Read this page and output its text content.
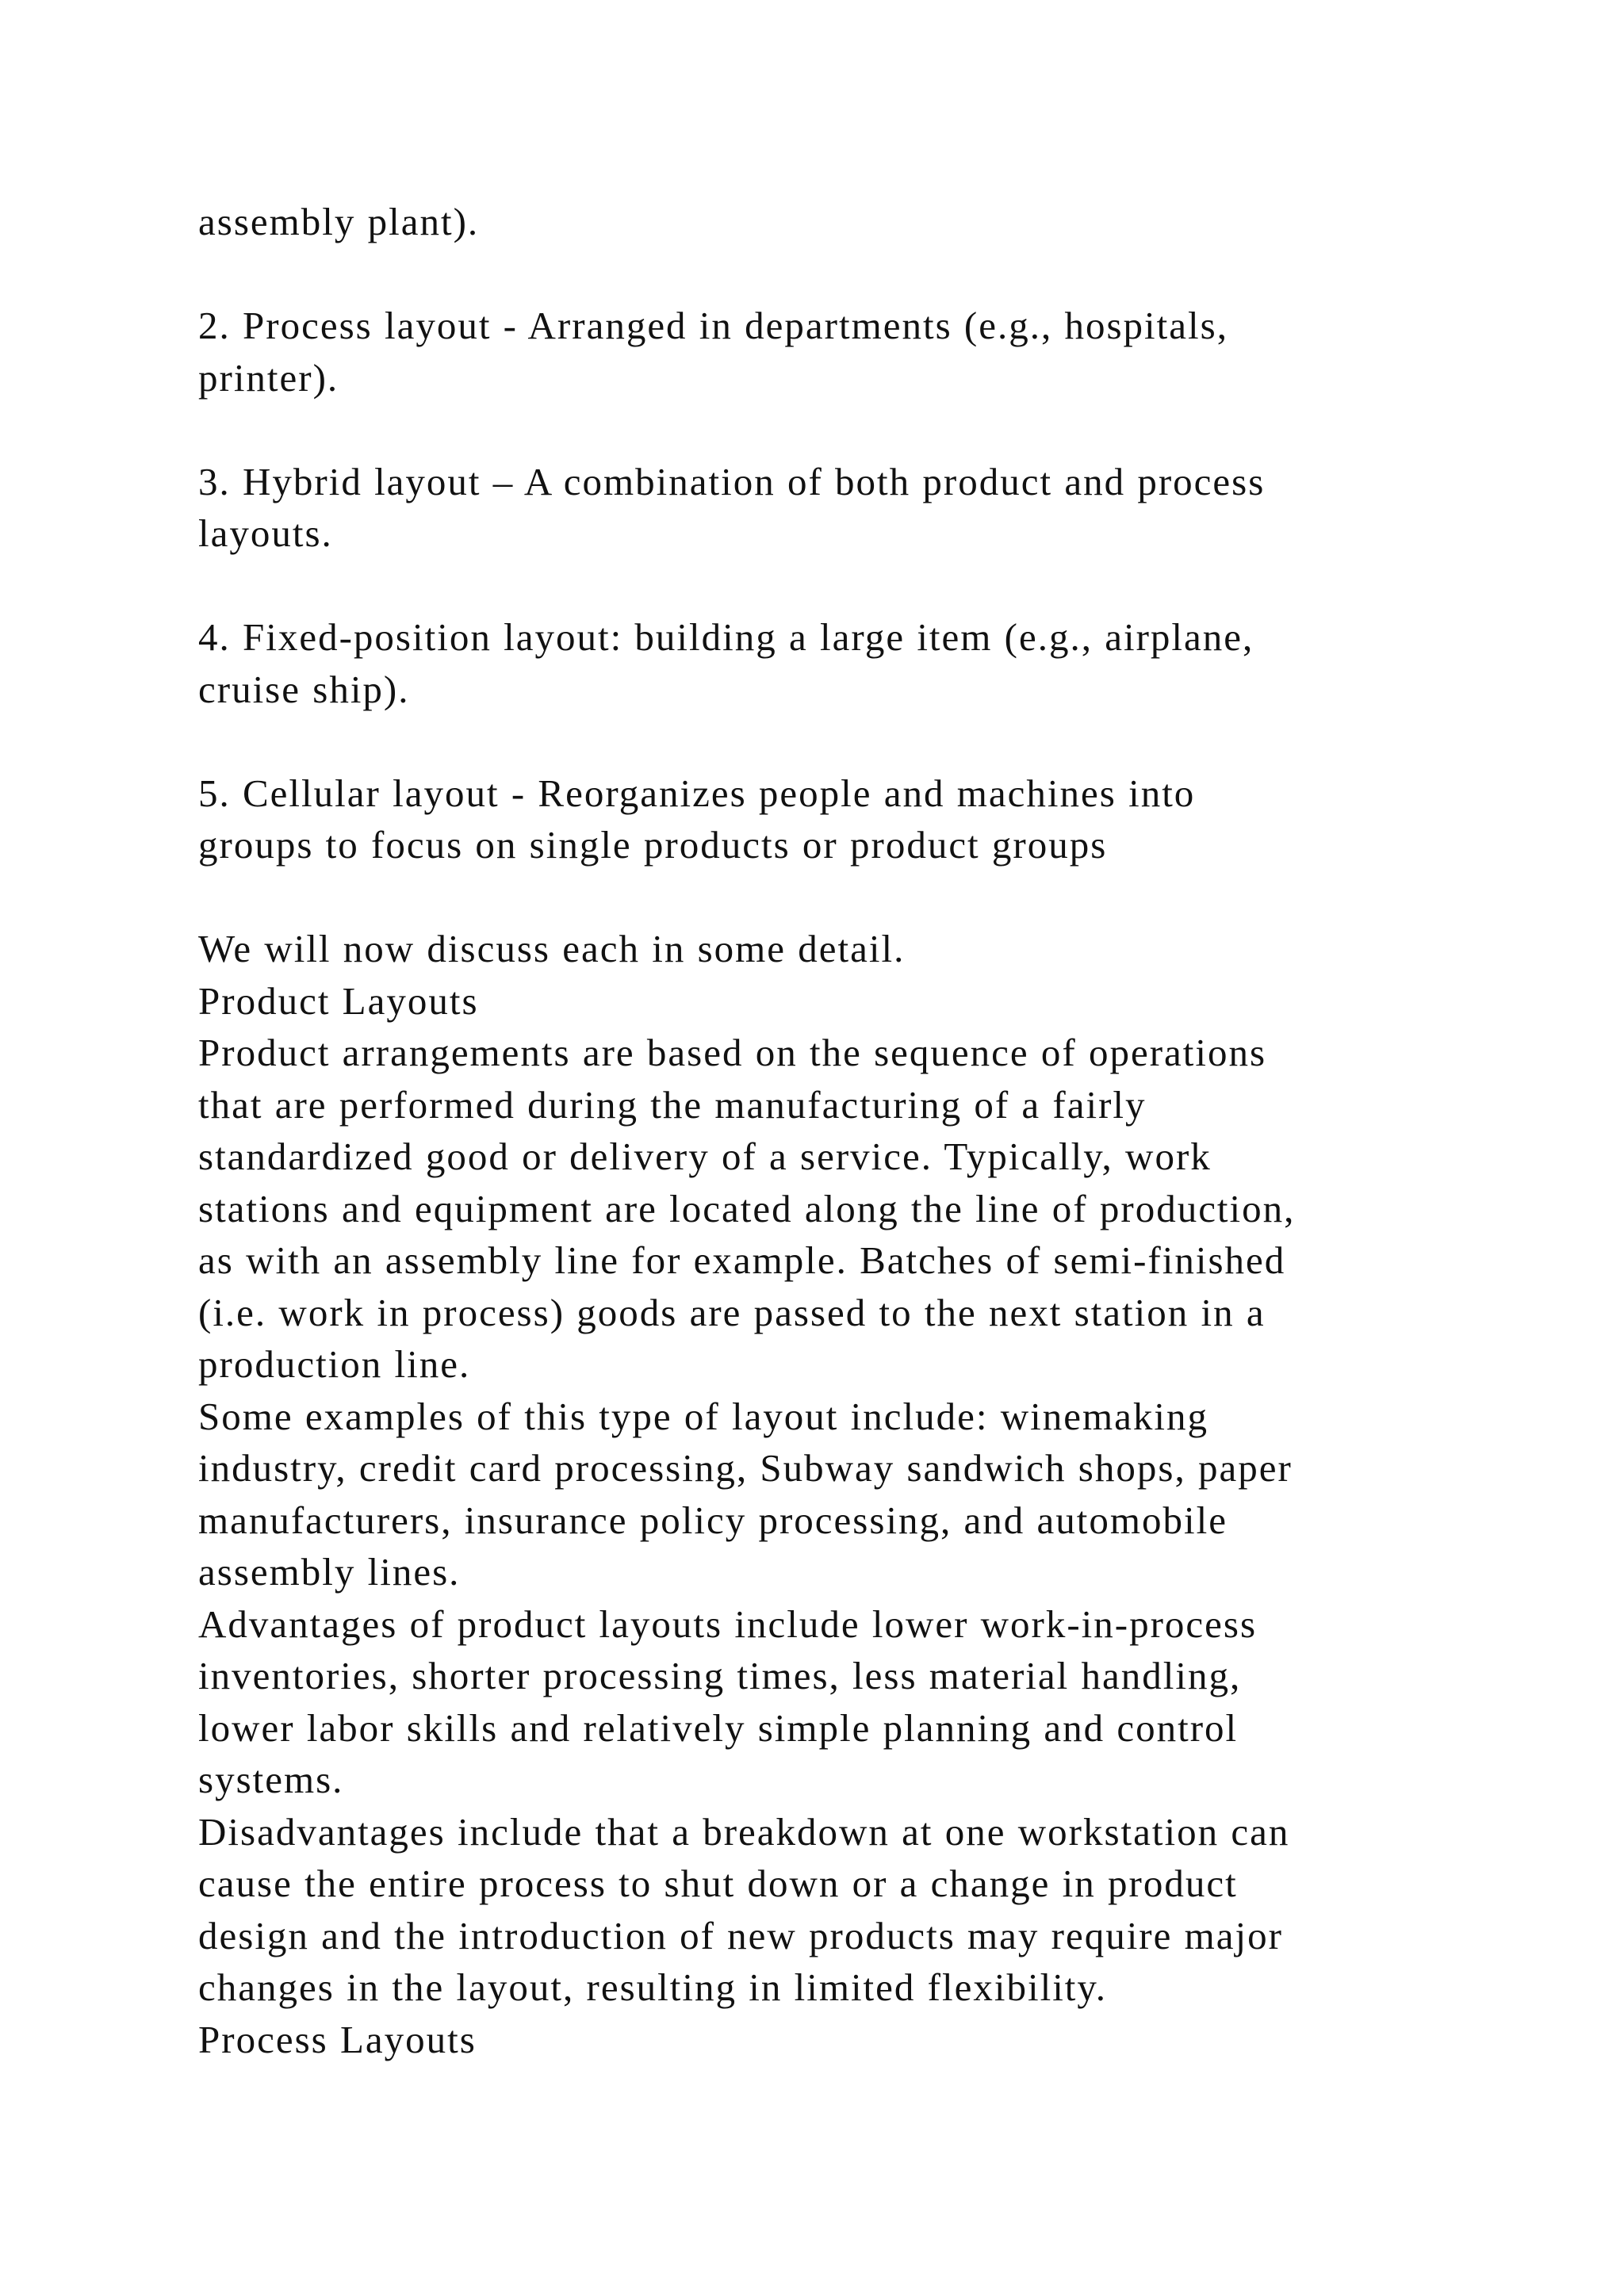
assembly plant).
2. Process layout - Arranged in departments (e.g., hospitals,
printer).
3. Hybrid layout – A combination of both product and process
layouts.
4. Fixed-position layout: building a large item (e.g., airplane,
cruise ship).
5. Cellular layout - Reorganizes people and machines into
groups to focus on single products or product groups
We will now discuss each in some detail.
Product Layouts
Product arrangements are based on the sequence of operations
that are performed during the manufacturing of a fairly
standardized good or delivery of a service. Typically, work
stations and equipment are located along the line of production,
as with an assembly line for example. Batches of semi-finished
(i.e. work in process) goods are passed to the next station in a
production line.
Some examples of this type of layout include: winemaking
industry, credit card processing, Subway sandwich shops, paper
manufacturers, insurance policy processing, and automobile
assembly lines.
Advantages of product layouts include lower work-in-process
inventories, shorter processing times, less material handling,
lower labor skills and relatively simple planning and control
systems.
Disadvantages include that a breakdown at one workstation can
cause the entire process to shut down or a change in product
design and the introduction of new products may require major
changes in the layout, resulting in limited flexibility.
Process Layouts
